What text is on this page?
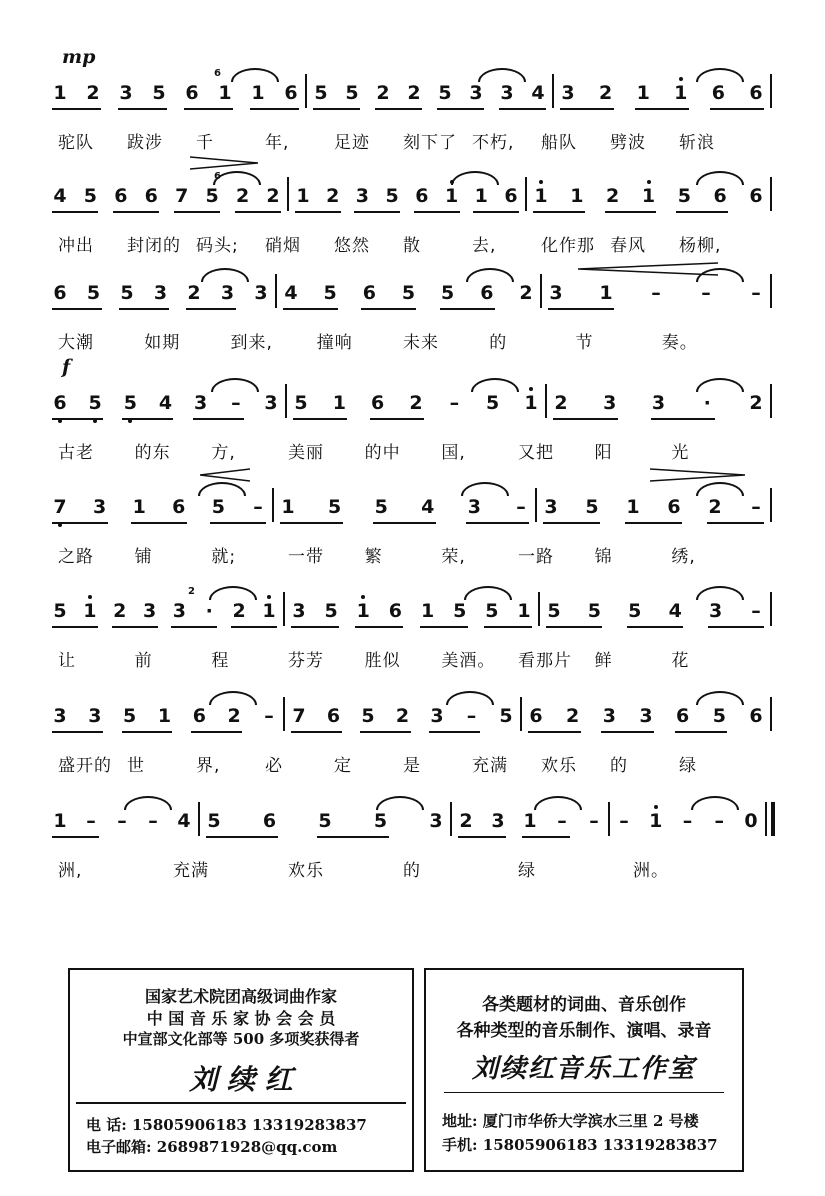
mp
f
1 2 3 5 6 1 1 6 5 5 2 2 5 3 3 4 3 2 1 1 6 6
6
驼队 跋涉 千	年,	足迹 刻下了 不朽, 船队 劈波 斩浪
4 5 6 6 7 5 2 2 1 2 3 5 6 1 1 6 1 1 2 1 5 6 6
6
冲出 封闭的 码头; 硝烟 悠然 散	去,	化作那 春风 杨柳,
6 5 5 3 2 3 3 4 5 6 5 5 6 2 3 1 – – –
大潮	如期	到来,	撞响	未来	的	节	奏。
6 5 5 4 3 – 3 5 1 6 2 – 5 1 2 3 3 · 2
古老 的东 方,	美丽 的中 国,	又把 阳	光
7 3 1 6 5 – 1 5 5 4 3 – 3 5 1 6 2 –
之路 铺	就;	一带 繁	荣,	一路 锦	绣,
5 1 2 3 3 · 2 1 3 5 1 6 1 5 5 1 5 5 5 4 3 –
2
让	前	程	芬芳 胜似 美酒。 看那片 鲜	花
3 3 5 1 6 2 – 7 6 5 2 3 – 5 6 2 3 3 6 5 6
盛开的 世	界,	必	定	是	充满 欢乐 的	绿
1 – – – 4 5 6 5 5 3 2 3 1 – – – 1 – – 0
洲,	充满	欢乐	的	绿	洲。
国家艺术院团高级词曲作家
中 国 音 乐 家 协 会 会 员
中宣部文化部等 500 多项奖获得者
刘 续 红
电 话: 15805906183 13319283837
电子邮箱: 2689871928@qq.com
各类题材的词曲、音乐创作
各种类型的音乐制作、演唱、录音
刘续红音乐工作室
地址: 厦门市华侨大学滨水三里 2 号楼
手机: 15805906183 13319283837
